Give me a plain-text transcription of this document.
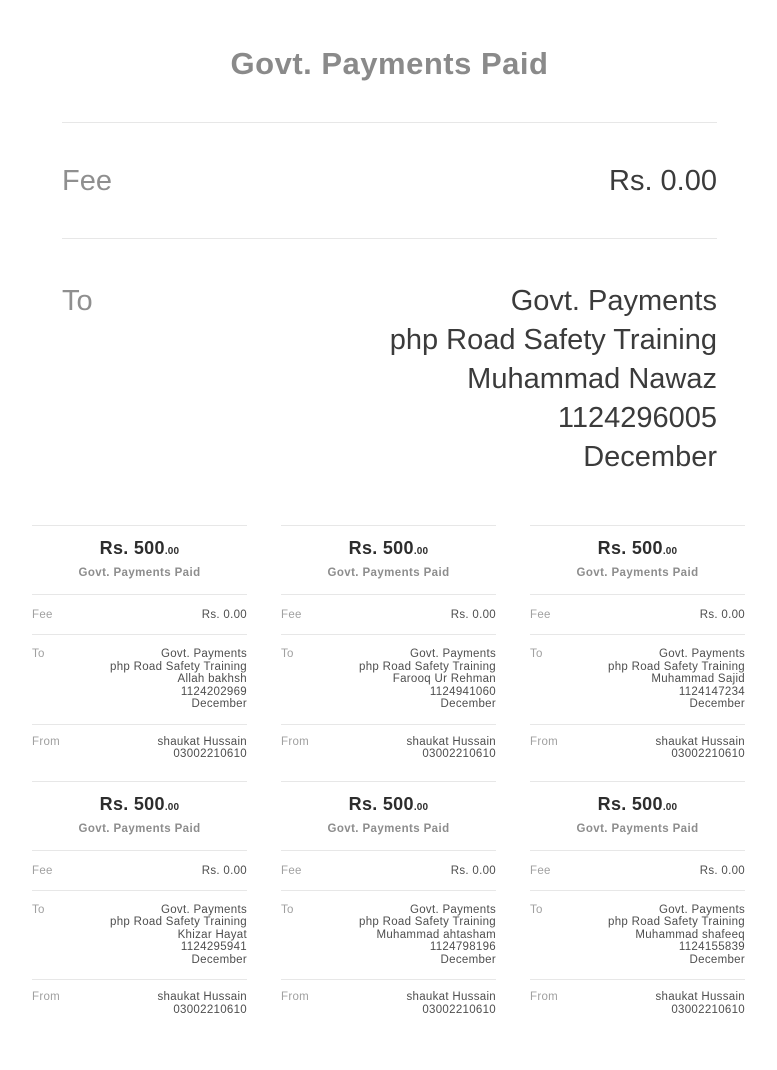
Govt. Payments Paid
Fee	Rs. 0.00
To	Govt. Payments
php Road Safety Training
Muhammad Nawaz
1124296005
December
Rs. 500.00
Govt. Payments Paid
Fee	Rs. 0.00
To	Govt. Payments
php Road Safety Training
Allah bakhsh
1124202969
December
From	shaukat Hussain
03002210610
Rs. 500.00
Govt. Payments Paid
Fee	Rs. 0.00
To	Govt. Payments
php Road Safety Training
Farooq Ur Rehman
1124941060
December
From	shaukat Hussain
03002210610
Rs. 500.00
Govt. Payments Paid
Fee	Rs. 0.00
To	Govt. Payments
php Road Safety Training
Muhammad Sajid
1124147234
December
From	shaukat Hussain
03002210610
Rs. 500.00
Govt. Payments Paid
Fee	Rs. 0.00
To	Govt. Payments
php Road Safety Training
Khizar Hayat
1124295941
December
From	shaukat Hussain
03002210610
Rs. 500.00
Govt. Payments Paid
Fee	Rs. 0.00
To	Govt. Payments
php Road Safety Training
Muhammad ahtasham
1124798196
December
From	shaukat Hussain
03002210610
Rs. 500.00
Govt. Payments Paid
Fee	Rs. 0.00
To	Govt. Payments
php Road Safety Training
Muhammad shafeeq
1124155839
December
From	shaukat Hussain
03002210610
